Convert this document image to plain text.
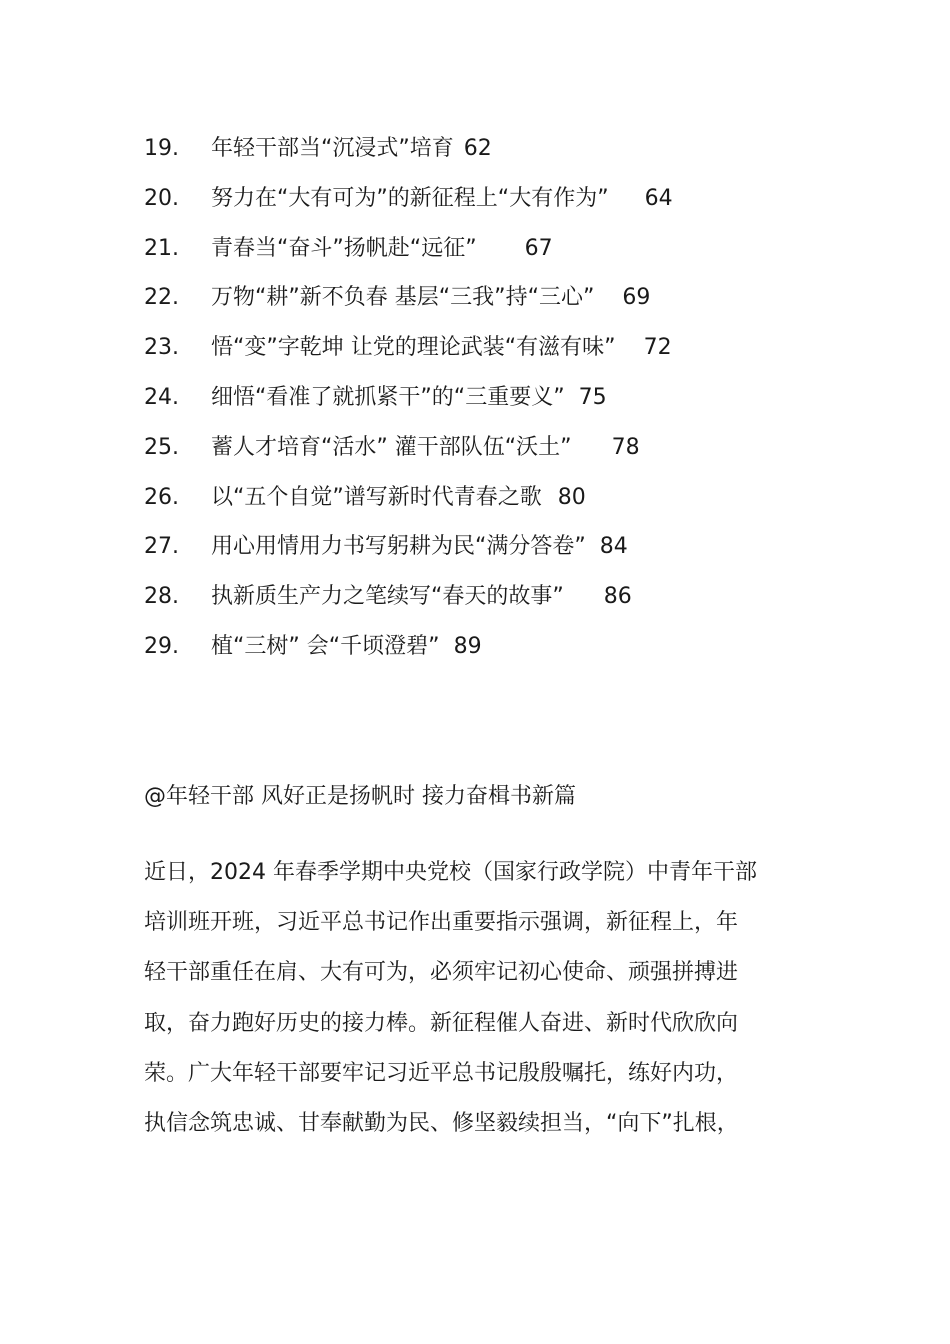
19. 年轻干部当“沉浸式”培育 62
20. 努力在“大有可为”的新征程上“大有作为” 64
21. 青春当“奋斗”扬帆赴“远征” 67
22. 万物“耕”新不负春 基层“三我”持“三心” 69
23. 悟“变”字乾坤 让党的理论武装“有滋有味” 72
24. 细悟“看准了就抓紧干”的“三重要义” 75
25. 蓄人才培育“活水” 灌干部队伍“沃土” 78
26. 以“五个自觉”谱写新时代青春之歌 80
27. 用心用情用力书写躬耕为民“满分答卷” 84
28. 执新质生产力之笔续写“春天的故事” 86
29. 植“三树” 会“千顷澄碧” 89
@年轻干部 风好正是扬帆时 接力奋楫书新篇
近日，2024 年春季学期中央党校（国家行政学院）中青年干部
培训班开班，习近平总书记作出重要指示强调，新征程上，年
轻干部重任在肩、大有可为，必须牢记初心使命、顽强拼搏进
取，奋力跑好历史的接力棒。新征程催人奋进、新时代欣欣向
荣。广大年轻干部要牢记习近平总书记殷殷嘱托，练好内功，
执信念筑忠诚、甘奉献勤为民、修坚毅续担当，“向下”扎根，
